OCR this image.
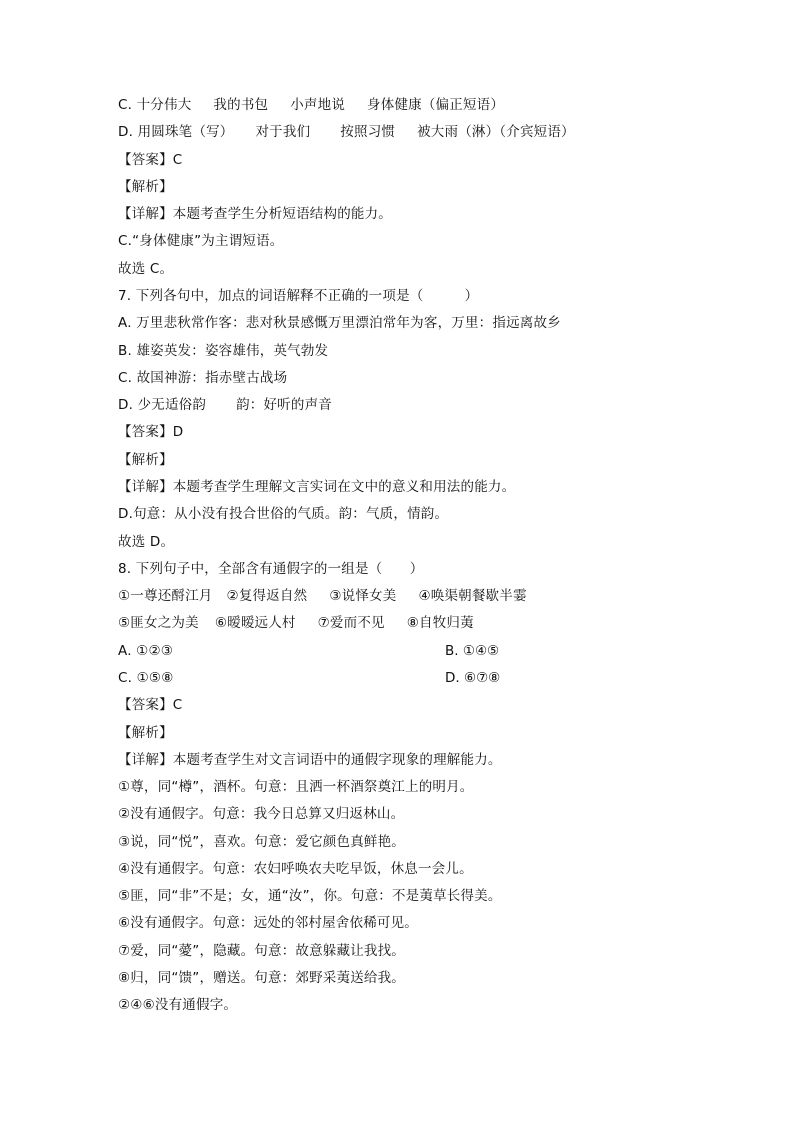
C. 十分伟大 我的书包 小声地说 身体健康（偏正短语）
D. 用圆珠笔（写） 对于我们 按照习惯 被大雨（淋）（介宾短语）
【答案】C
【解析】
【详解】本题考查学生分析短语结构的能力。
C.“身体健康”为主谓短语。
故选 C。
7. 下列各句中，加点的词语解释不正确的一项是（　　　）
A. 万里悲秋常作客：悲对秋景感慨万里漂泊常年为客，万里：指远离故乡
B. 雄姿英发：姿容雄伟，英气勃发
C. 故国神游：指赤壁古战场
D. 少无适俗韵 韵：好听的声音
【答案】D
【解析】
【详解】本题考查学生理解文言实词在文中的意义和用法的能力。
D.句意：从小没有投合世俗的气质。韵：气质，情韵。
故选 D。
8. 下列句子中，全部含有通假字的一组是（　　）
①一尊还酹江月 ②复得返自然 ③说怿女美 ④唤渠朝餐歇半霎
⑤匪女之为美 ⑥暧暧远人村 ⑦爱而不见 ⑧自牧归荑
A. ①②③	B. ①④⑤
C. ①⑤⑧	D. ⑥⑦⑧
【答案】C
【解析】
【详解】本题考查学生对文言词语中的通假字现象的理解能力。
①尊，同“樽”，酒杯。句意：且洒一杯酒祭奠江上的明月。
②没有通假字。句意：我今日总算又归返林山。
③说，同“悦”，喜欢。句意：爱它颜色真鲜艳。
④没有通假字。句意：农妇呼唤农夫吃早饭，休息一会儿。
⑤匪，同“非”不是；女，通“汝”，你。句意：不是荑草长得美。
⑥没有通假字。句意：远处的邻村屋舍依稀可见。
⑦爱，同“薆”，隐藏。句意：故意躲藏让我找。
⑧归，同“馈”，赠送。句意：郊野采荑送给我。
②④⑥没有通假字。
